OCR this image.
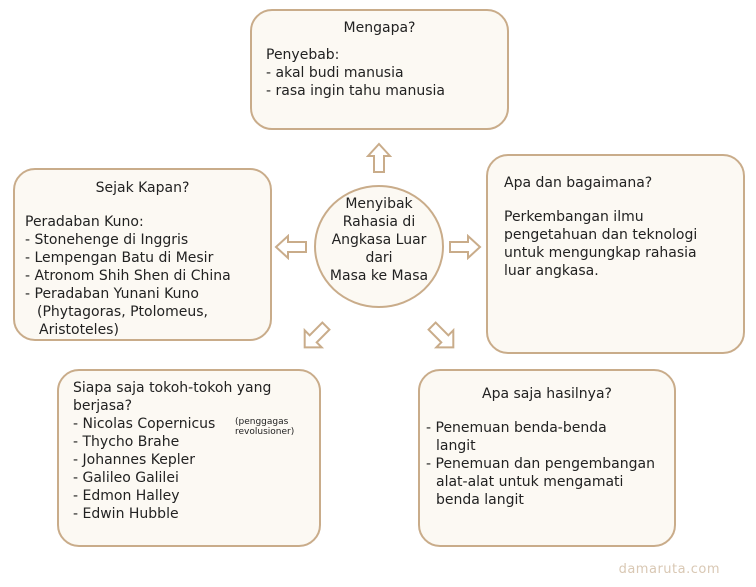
Menyibak
Rahasia di
Angkasa Luar
dari
Masa ke Masa
Mengapa?
Penyebab:
- akal budi manusia
- rasa ingin tahu manusia
Sejak Kapan?
Peradaban Kuno:
- Stonehenge di Inggris
- Lempengan Batu di Mesir
- Atronom Shih Shen di China
- Peradaban Yunani Kuno
(Phytagoras, Ptolomeus,
Aristoteles)
Apa dan bagaimana?
Perkembangan ilmu
pengetahuan dan teknologi
untuk mengungkap rahasia
luar angkasa.
Siapa saja tokoh-tokoh yang
berjasa?
- Nicolas Copernicus
- Thycho Brahe
- Johannes Kepler
- Galileo Galilei
- Edmon Halley
- Edwin Hubble
(penggagas
revolusioner)
Apa saja hasilnya?
- Penemuan benda-benda
langit
- Penemuan dan pengembangan
alat-alat untuk mengamati
benda langit
damaruta.com
